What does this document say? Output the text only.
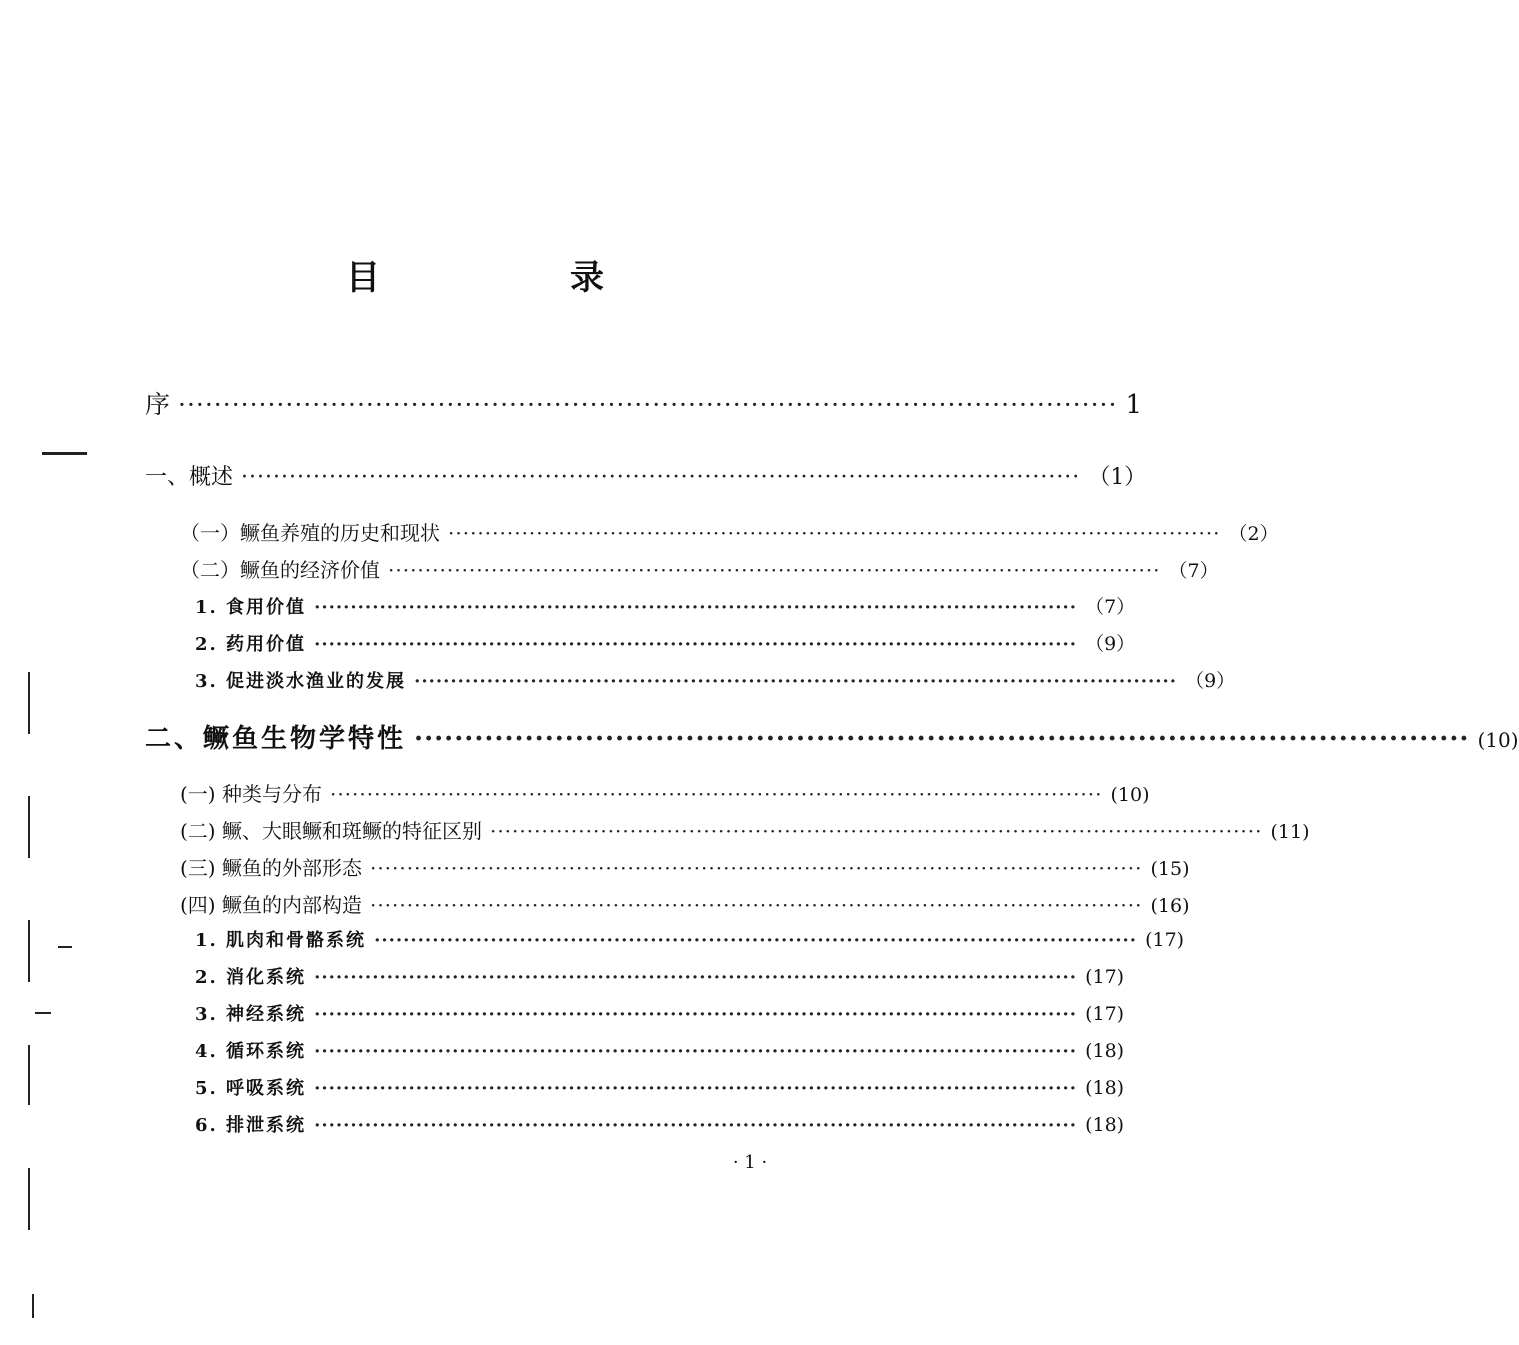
目　录
序 ········································································································· 1
一、概述 ········································································································· （1）
（一）鳜鱼养殖的历史和现状 ········································································································· （2）
（二）鳜鱼的经济价值 ········································································································· （7）
1. 食用价值 ········································································································· （7）
2. 药用价值 ········································································································· （9）
3. 促进淡水渔业的发展 ········································································································· （9）
二、鳜鱼生物学特性 ········································································································· (10)
(一) 种类与分布 ········································································································· (10)
(二) 鳜、大眼鳜和斑鳜的特征区别 ········································································································· (11)
(三) 鳜鱼的外部形态 ········································································································· (15)
(四) 鳜鱼的内部构造 ········································································································· (16)
1. 肌肉和骨骼系统 ········································································································· (17)
2. 消化系统 ········································································································· (17)
3. 神经系统 ········································································································· (17)
4. 循环系统 ········································································································· (18)
5. 呼吸系统 ········································································································· (18)
6. 排泄系统 ········································································································· (18)
· 1 ·
